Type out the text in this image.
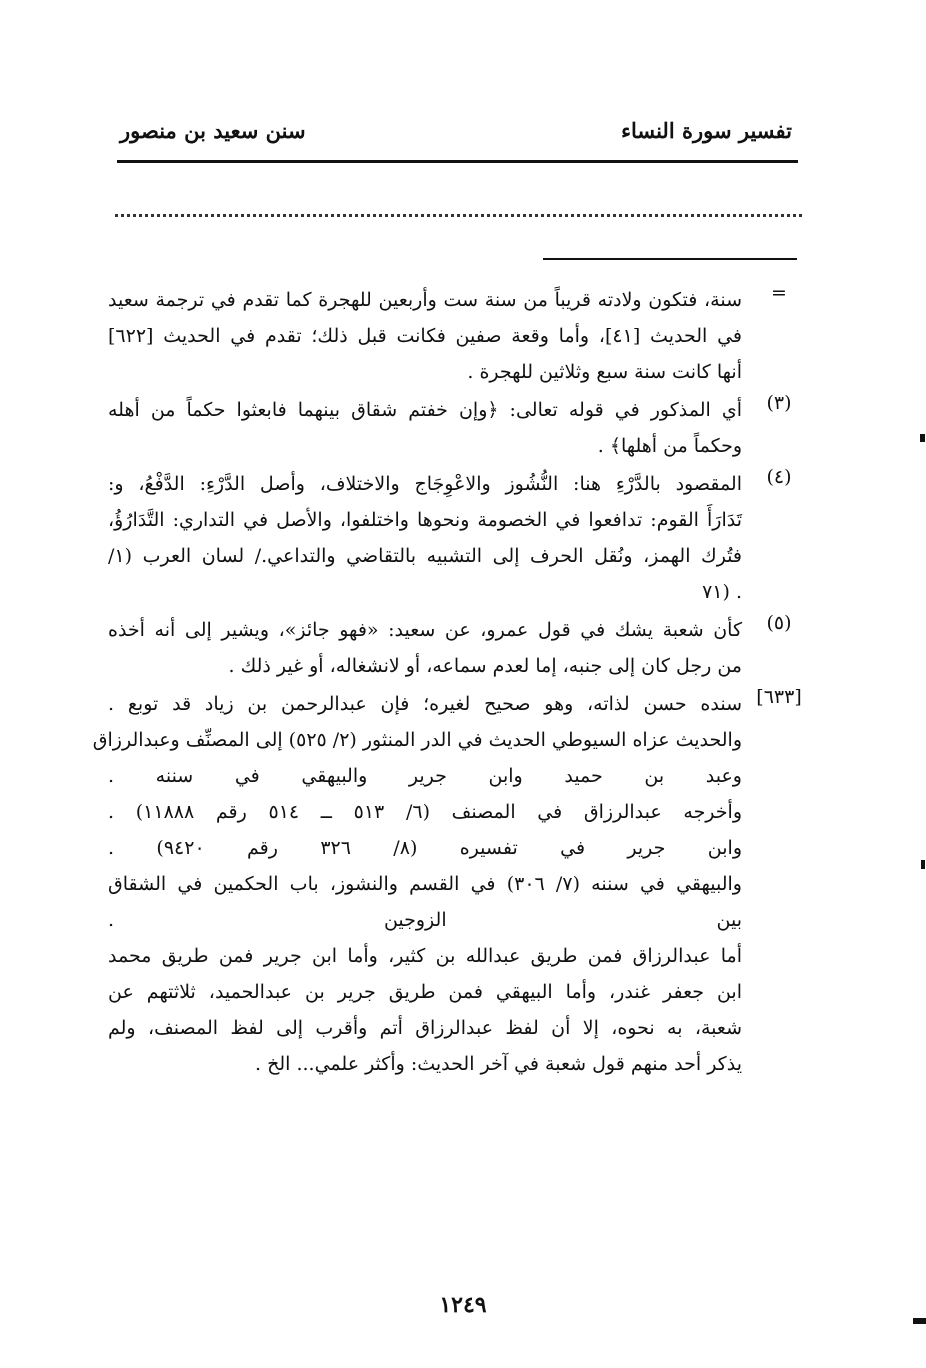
تفسير سورة النساء
سنن سعيد بن منصور
=
سنة، فتكون ولادته قريباً من سنة ست وأربعين للهجرة كما تقدم في ترجمة سعيد
في الحديث [٤١]، وأما وقعة صفين فكانت قبل ذلك؛ تقدم في الحديث [٦٢٢]
أنها كانت سنة سبع وثلاثين للهجرة .
(٣)
أي المذكور في قوله تعالى: ﴿وإن خفتم شقاق بينهما فابعثوا حكماً من أهله
وحكماً من أهلها﴾ .
(٤)
المقصود بالدَّرْءِ هنا: النُّشُوز والاعْوِجَاج والاختلاف، وأصل الدَّرْءِ: الدَّفْعُ، و:
تَدَارَأَ القوم: تدافعوا في الخصومة ونحوها واختلفوا، والأصل في التداري: التَّدَارُؤُ،
فتُرك الهمز، ونُقل الحرف إلى التشبيه بالتقاضي والتداعي./ لسان العرب (١/
. (٧١
(٥)
كأن شعبة يشك في قول عمرو، عن سعيد: «فهو جائز»، ويشير إلى أنه أخذه
من رجل كان إلى جنبه، إما لعدم سماعه، أو لانشغاله، أو غير ذلك .
[٦٣٣]
سنده حسن لذاته، وهو صحيح لغيره؛ فإن عبدالرحمن بن زياد قد توبع .
والحديث عزاه السيوطي الحديث في الدر المنثور (٢/ ٥٢٥) إلى المصنِّف وعبدالرزاق
وعبد بن حميد وابن جرير والبيهقي في سننه .
وأخرجه عبدالرزاق في المصنف (٦/ ٥١٣ ــ ٥١٤ رقم ١١٨٨٨) .
وابن جرير في تفسيره (٨/ ٣٢٦ رقم ٩٤٢٠) .
والبيهقي في سننه (٧/ ٣٠٦) في القسم والنشوز، باب الحكمين في الشقاق
بين الزوجين .
أما عبدالرزاق فمن طريق عبدالله بن كثير، وأما ابن جرير فمن طريق محمد
ابن جعفر غندر، وأما البيهقي فمن طريق جرير بن عبدالحميد، ثلاثتهم عن
شعبة، به نحوه، إلا أن لفظ عبدالرزاق أتم وأقرب إلى لفظ المصنف، ولم
يذكر أحد منهم قول شعبة في آخر الحديث: وأكثر علمي... الخ .
١٢٤٩
